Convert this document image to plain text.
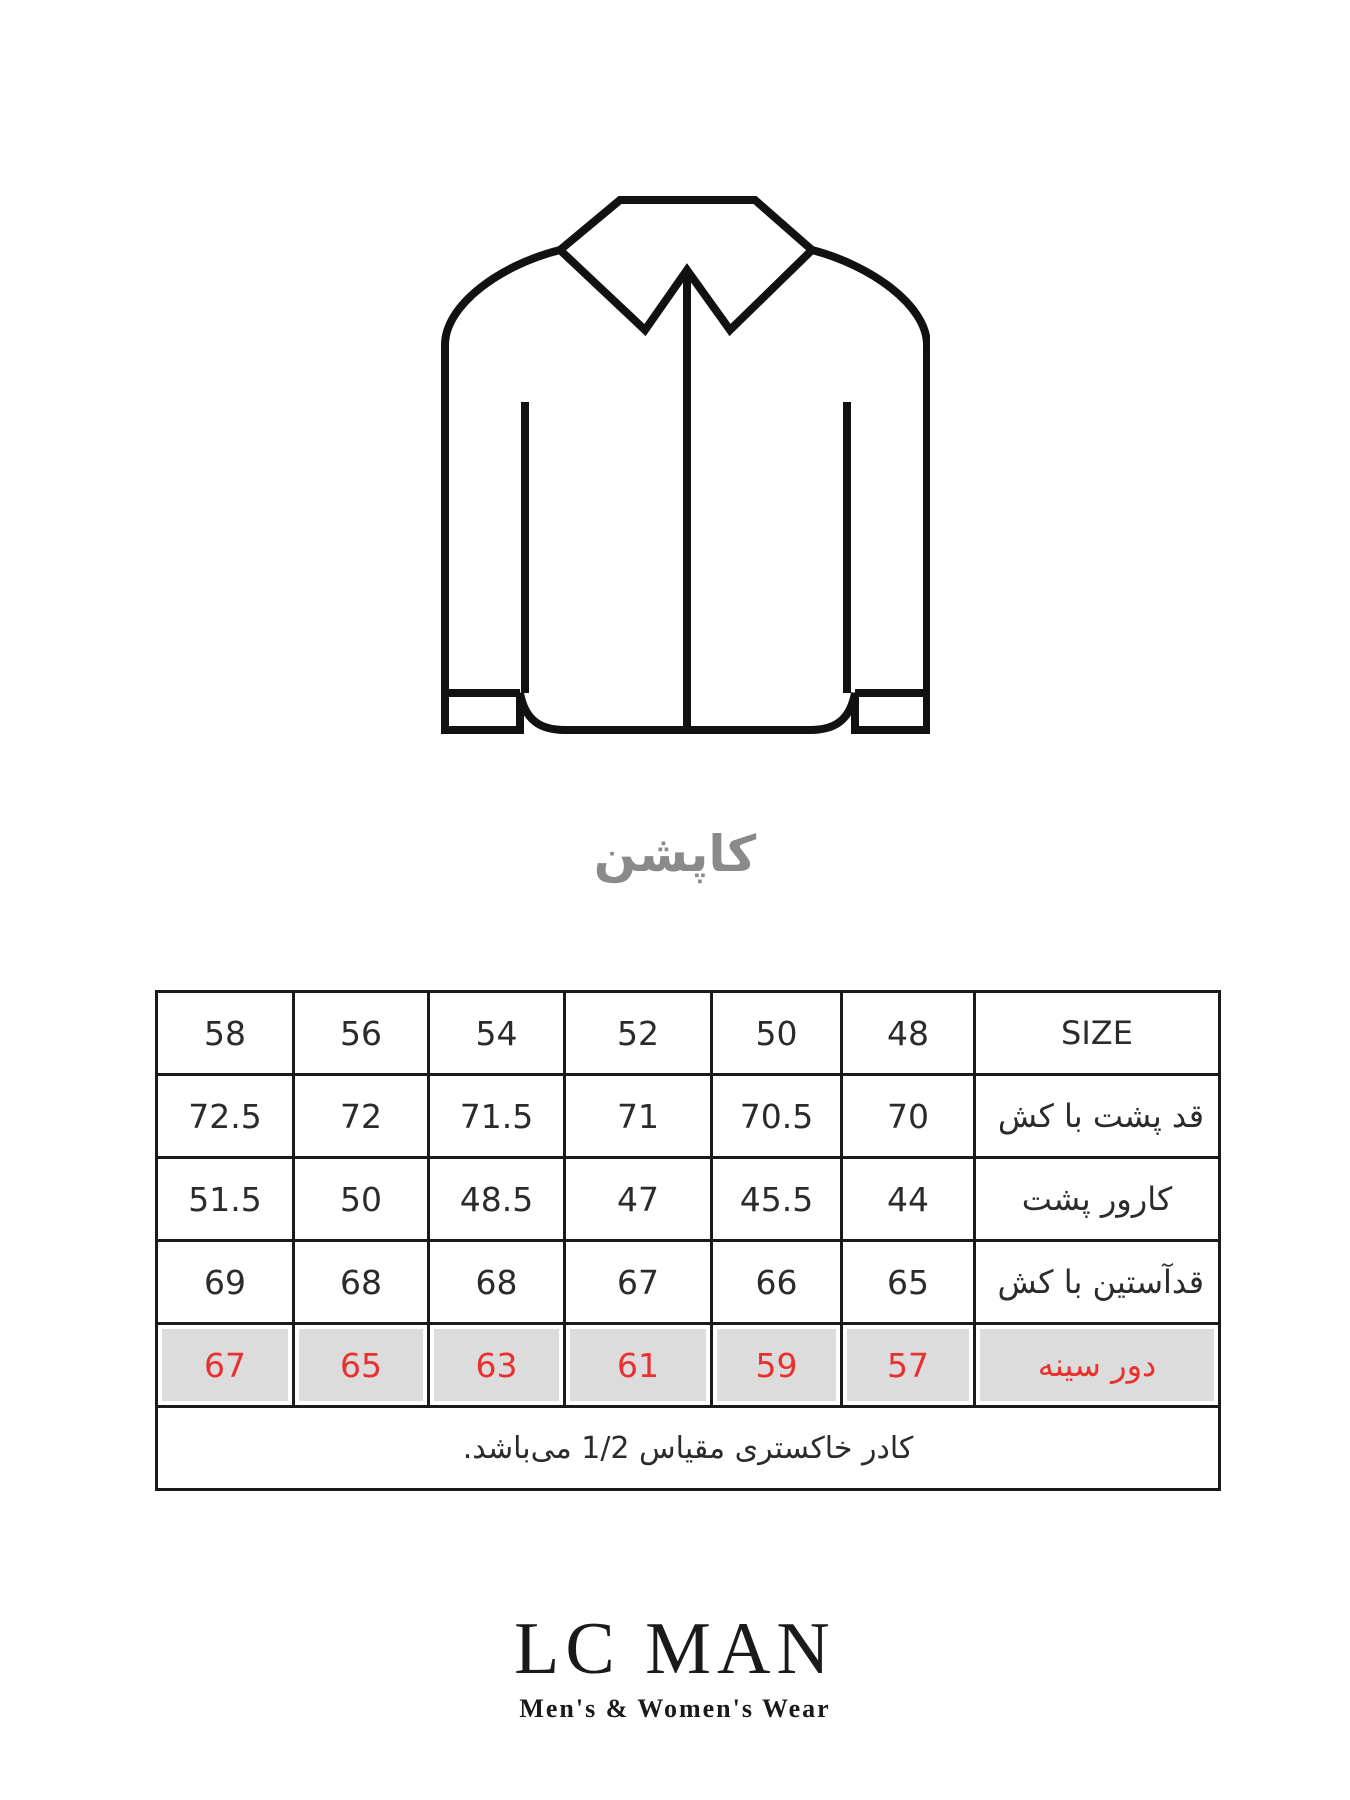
کاپشن
58	56	54	52	50	48	SIZE
72.5	72	71.5	71	70.5	70	قد پشت با کش
51.5	50	48.5	47	45.5	44	کارور پشت
69	68	68	67	66	65	قدآستین با کش
67	65	63	61	59	57	دور سینه
کادر خاکستری مقیاس 1/2 می‌باشد.						
LC MAN
Men's & Women's Wear
